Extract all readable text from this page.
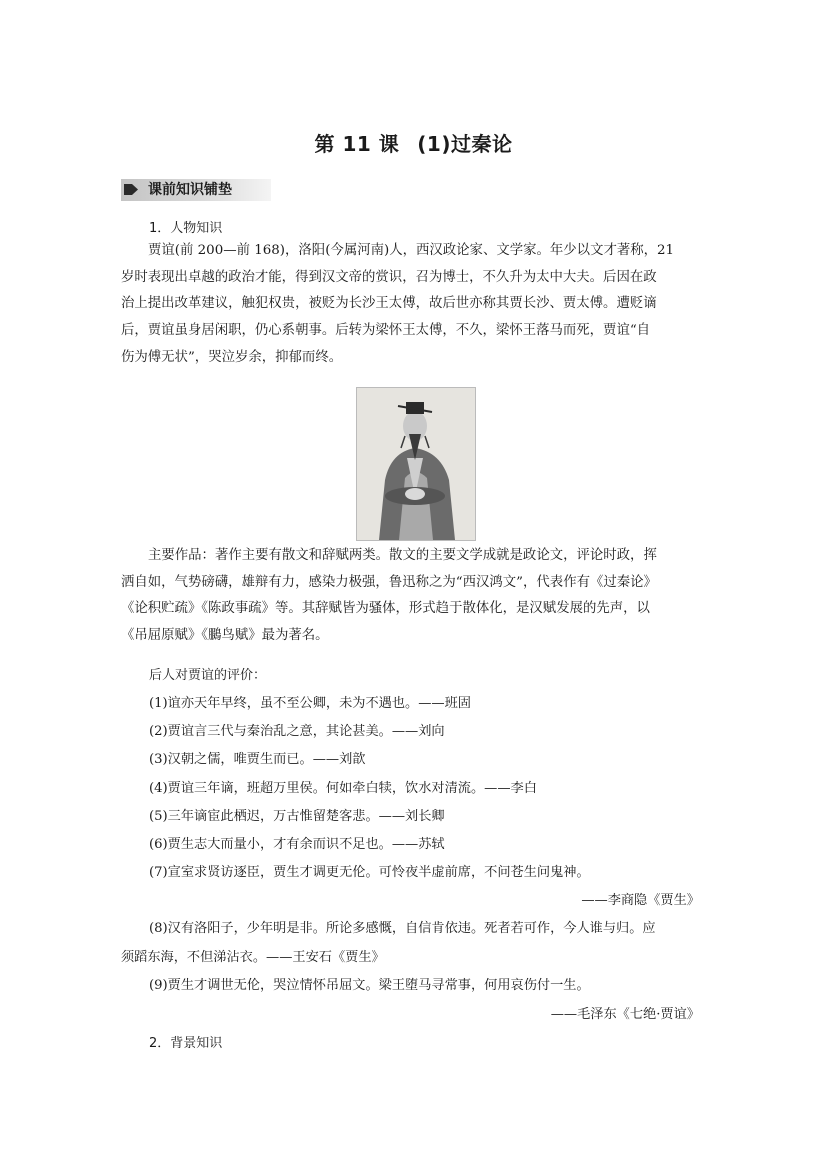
第 11 课 (1)过秦论
课前知识铺垫
1．人物知识
贾谊(前 200—前 168)，洛阳(今属河南)人，西汉政论家、文学家。年少以文才著称，21
岁时表现出卓越的政治才能，得到汉文帝的赏识，召为博士，不久升为太中大夫。后因在政
治上提出改革建议，触犯权贵，被贬为长沙王太傅，故后世亦称其贾长沙、贾太傅。遭贬谪
后，贾谊虽身居闲职，仍心系朝事。后转为梁怀王太傅，不久，梁怀王落马而死，贾谊“自
伤为傅无状”，哭泣岁余，抑郁而终。
主要作品：著作主要有散文和辞赋两类。散文的主要文学成就是政论文，评论时政，挥
洒自如，气势磅礴，雄辩有力，感染力极强，鲁迅称之为“西汉鸿文”，代表作有《过秦论》
《论积贮疏》《陈政事疏》等。其辞赋皆为骚体，形式趋于散体化，是汉赋发展的先声，以
《吊屈原赋》《鵩鸟赋》最为著名。
后人对贾谊的评价：
(1)谊亦天年早终，虽不至公卿，未为不遇也。——班固
(2)贾谊言三代与秦治乱之意，其论甚美。——刘向
(3)汉朝之儒，唯贾生而已。——刘歆
(4)贾谊三年谪，班超万里侯。何如牵白犊，饮水对清流。——李白
(5)三年谪宦此栖迟，万古惟留楚客悲。——刘长卿
(6)贾生志大而量小，才有余而识不足也。——苏轼
(7)宣室求贤访逐臣，贾生才调更无伦。可怜夜半虚前席，不问苍生问鬼神。
——李商隐《贾生》
(8)汉有洛阳子，少年明是非。所论多感慨，自信肯依违。死者若可作，今人谁与归。应
须蹈东海，不但涕沾衣。——王安石《贾生》
(9)贾生才调世无伦，哭泣情怀吊屈文。梁王堕马寻常事，何用哀伤付一生。
——毛泽东《七绝·贾谊》
2．背景知识
